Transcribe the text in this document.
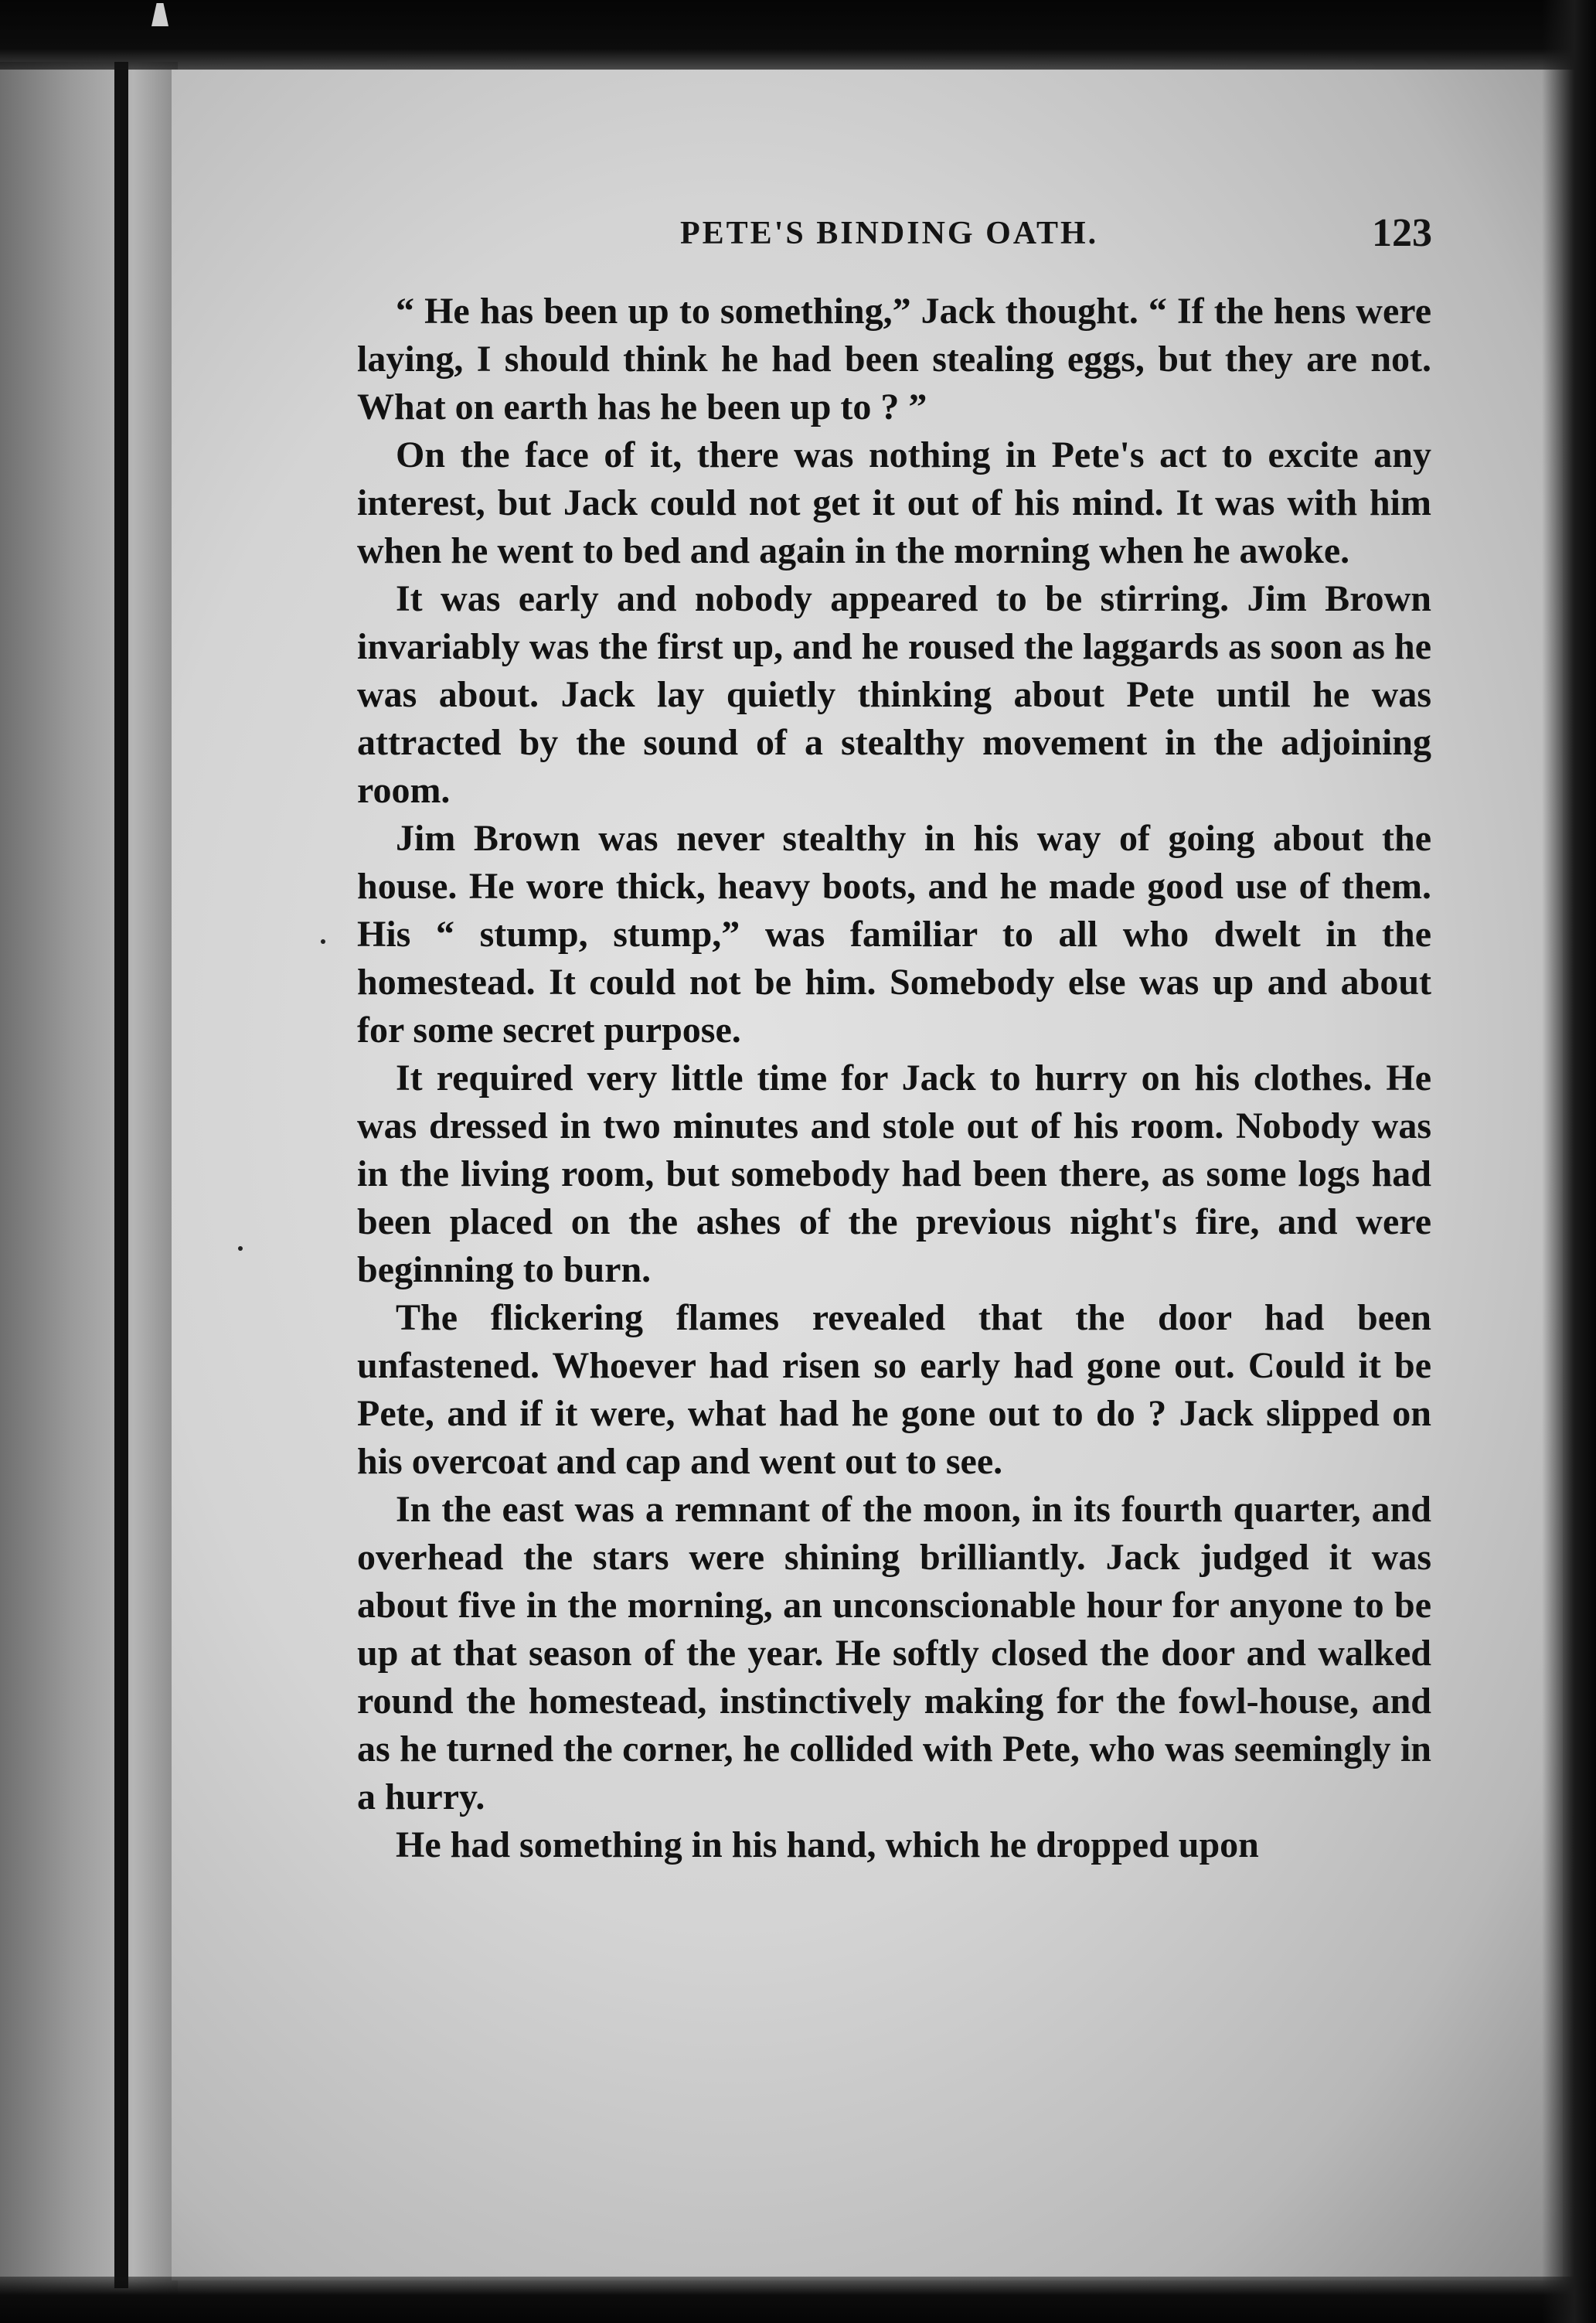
PETE'S BINDING OATH.	123

“ He has been up to something,” Jack thought. “ If the hens were laying, I should think he had been stealing eggs, but they are not. What on earth has he been up to ? ”

On the face of it, there was nothing in Pete's act to excite any interest, but Jack could not get it out of his mind. It was with him when he went to bed and again in the morning when he awoke.

It was early and nobody appeared to be stirring. Jim Brown invariably was the first up, and he roused the laggards as soon as he was about. Jack lay quietly thinking about Pete until he was attracted by the sound of a stealthy movement in the adjoining room.

Jim Brown was never stealthy in his way of going about the house. He wore thick, heavy boots, and he made good use of them. His “ stump, stump,” was familiar to all who dwelt in the homestead. It could not be him. Somebody else was up and about for some secret purpose.

It required very little time for Jack to hurry on his clothes. He was dressed in two minutes and stole out of his room. Nobody was in the living room, but somebody had been there, as some logs had been placed on the ashes of the previous night's fire, and were beginning to burn.

The flickering flames revealed that the door had been unfastened. Whoever had risen so early had gone out. Could it be Pete, and if it were, what had he gone out to do ? Jack slipped on his overcoat and cap and went out to see.

In the east was a remnant of the moon, in its fourth quarter, and overhead the stars were shining brilliantly. Jack judged it was about five in the morning, an unconscionable hour for anyone to be up at that season of the year. He softly closed the door and walked round the homestead, instinctively making for the fowl-house, and as he turned the corner, he collided with Pete, who was seemingly in a hurry.

He had something in his hand, which he dropped upon
